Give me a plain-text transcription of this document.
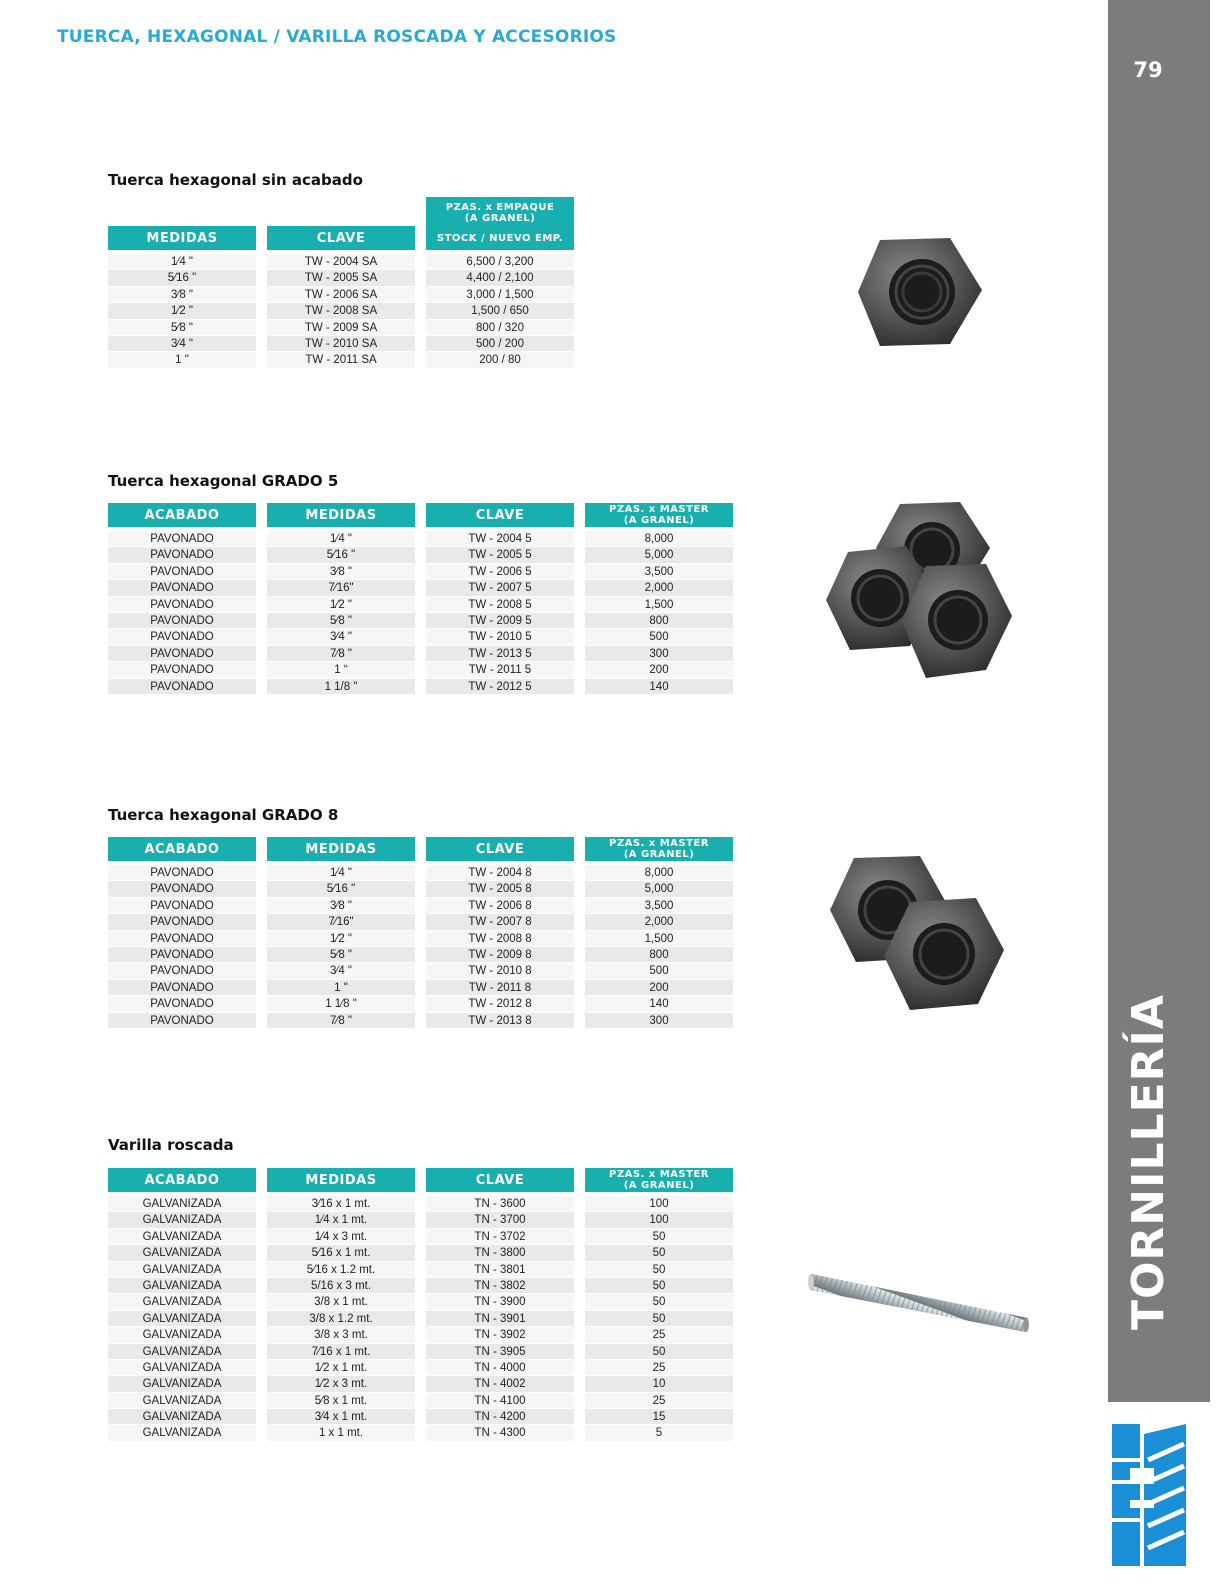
TUERCA, HEXAGONAL / VARILLA ROSCADA Y ACCESORIOS
79
TORNILLERÍA
Tuerca hexagonal sin acabado
MEDIDAS
1⁄4 "
5⁄16 "
3⁄8 "
1⁄2 "
5⁄8 "
3⁄4 "
1 "
CLAVE
TW - 2004 SA
TW - 2005 SA
TW - 2006 SA
TW - 2008 SA
TW - 2009 SA
TW - 2010 SA
TW - 2011 SA
PZAS. x EMPAQUE
(A GRANEL)
STOCK / NUEVO EMP.
6,500 / 3,200
4,400 / 2,100
3,000 / 1,500
1,500 / 650
800 / 320
500 / 200
200 / 80
Tuerca hexagonal GRADO 5
ACABADO
PAVONADO
PAVONADO
PAVONADO
PAVONADO
PAVONADO
PAVONADO
PAVONADO
PAVONADO
PAVONADO
PAVONADO
MEDIDAS
1⁄4 "
5⁄16 "
3⁄8 "
7⁄16"
1⁄2 "
5⁄8 "
3⁄4 "
7⁄8 "
1 “
1 1/8 "
CLAVE
TW - 2004 5
TW - 2005 5
TW - 2006 5
TW - 2007 5
TW - 2008 5
TW - 2009 5
TW - 2010 5
TW - 2013 5
TW - 2011 5
TW - 2012 5
PZAS. x MASTER
(A GRANEL)
8,000
5,000
3,500
2,000
1,500
800
500
300
200
140
Tuerca hexagonal GRADO 8
ACABADO
PAVONADO
PAVONADO
PAVONADO
PAVONADO
PAVONADO
PAVONADO
PAVONADO
PAVONADO
PAVONADO
PAVONADO
MEDIDAS
1⁄4 "
5⁄16 "
3⁄8 "
7⁄16"
1⁄2 "
5⁄8 "
3⁄4 "
1 "
1 1⁄8 "
7⁄8 "
CLAVE
TW - 2004 8
TW - 2005 8
TW - 2006 8
TW - 2007 8
TW - 2008 8
TW - 2009 8
TW - 2010 8
TW - 2011 8
TW - 2012 8
TW - 2013 8
PZAS. x MASTER
(A GRANEL)
8,000
5,000
3,500
2,000
1,500
800
500
200
140
300
Varilla roscada
ACABADO
GALVANIZADA
GALVANIZADA
GALVANIZADA
GALVANIZADA
GALVANIZADA
GALVANIZADA
GALVANIZADA
GALVANIZADA
GALVANIZADA
GALVANIZADA
GALVANIZADA
GALVANIZADA
GALVANIZADA
GALVANIZADA
GALVANIZADA
MEDIDAS
3⁄16 x 1 mt.
1⁄4 x 1 mt.
1⁄4 x 3 mt.
5⁄16 x 1 mt.
5⁄16 x 1.2 mt.
5/16 x 3 mt.
3/8 x 1 mt.
3/8 x 1.2 mt.
3/8 x 3 mt.
7⁄16 x 1 mt.
1⁄2 x 1 mt.
1⁄2 x 3 mt.
5⁄8 x 1 mt.
3⁄4 x 1 mt.
1 x 1 mt.
CLAVE
TN - 3600
TN - 3700
TN - 3702
TN - 3800
TN - 3801
TN - 3802
TN - 3900
TN - 3901
TN - 3902
TN - 3905
TN - 4000
TN - 4002
TN - 4100
TN - 4200
TN - 4300
PZAS. x MASTER
(A GRANEL)
100
100
50
50
50
50
50
50
25
50
25
10
25
15
5
